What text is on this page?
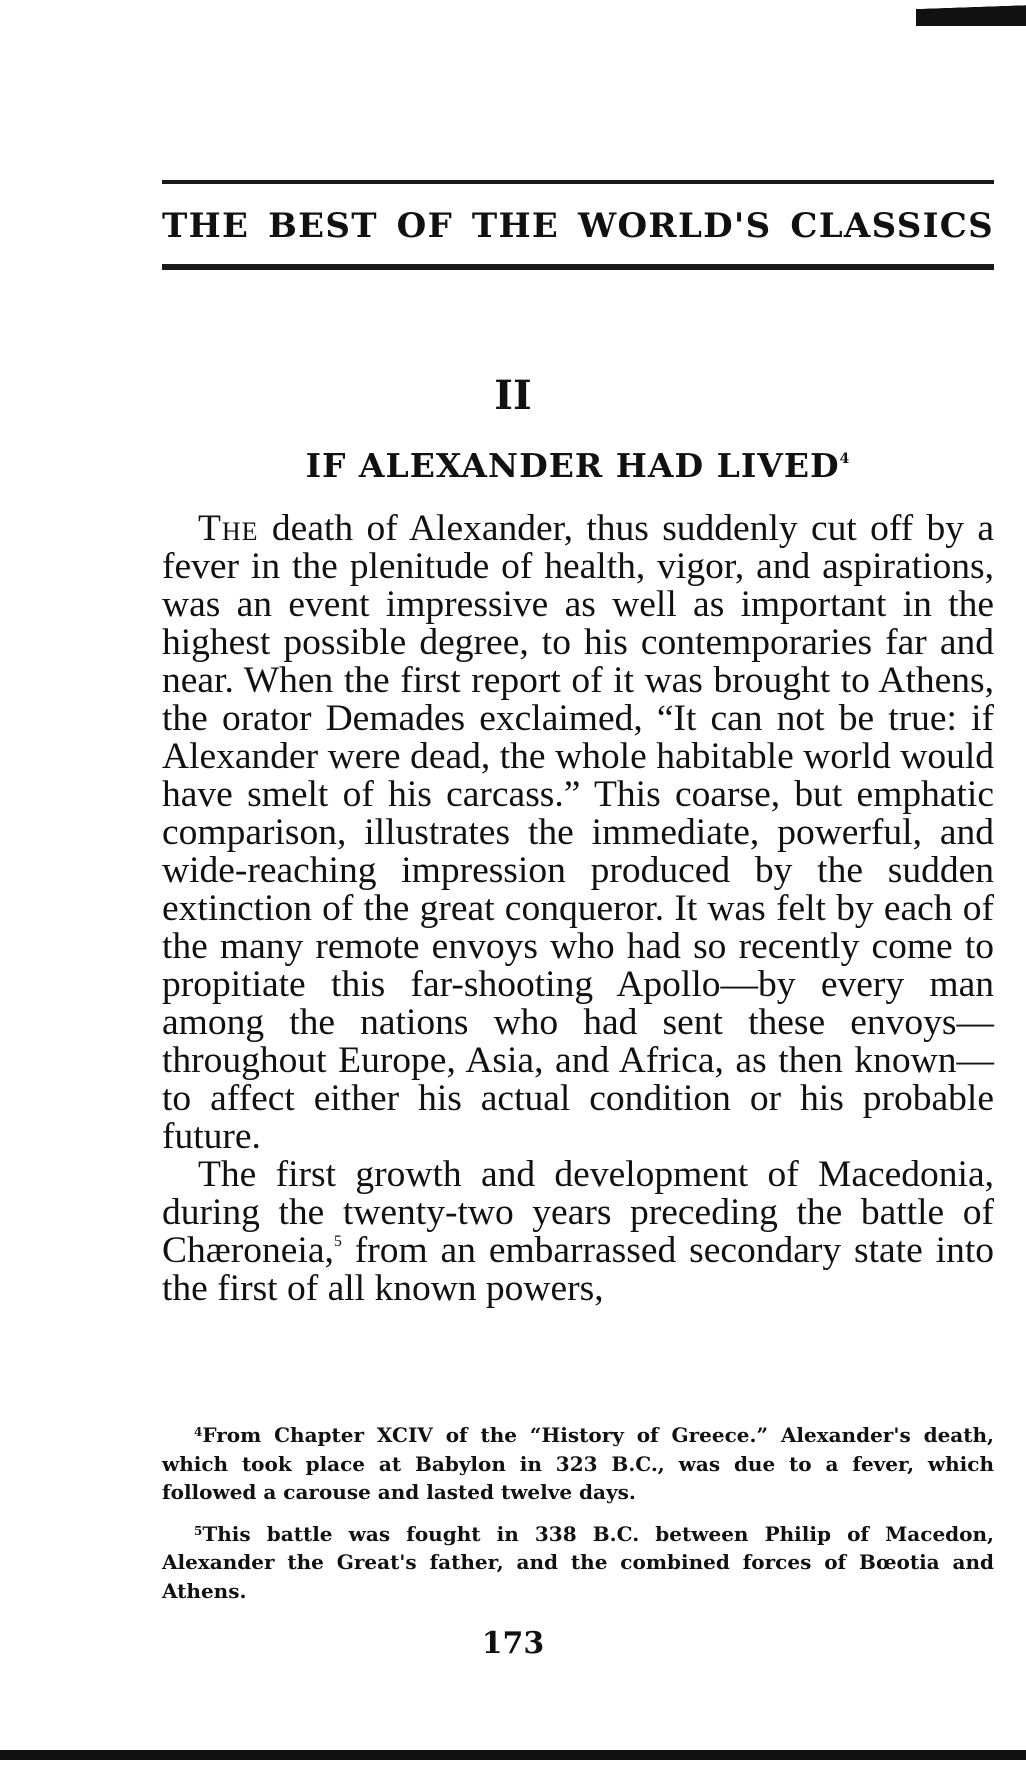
THE BEST OF THE WORLD'S CLASSICS
II
IF ALEXANDER HAD LIVED$^4$

The death of Alexander, thus suddenly cut off by a fever in the plenitude of health, vigor, and aspirations, was an event impressive as well as important in the highest possible degree, to his contemporaries far and near. When the first report of it was brought to Athens, the orator Demades exclaimed, “It can not be true: if Alexander were dead, the whole habitable world would have smelt of his carcass.” This coarse, but emphatic comparison, illustrates the immediate, powerful, and wide-reaching impression produced by the sudden extinction of the great conqueror. It was felt by each of the many remote envoys who had so recently come to propitiate this far-shooting Apollo—by every man among the nations who had sent these envoys—throughout Europe, Asia, and Africa, as then known—to affect either his actual condition or his probable future.

The first growth and development of Macedonia, during the twenty-two years preceding the battle of Chæroneia,$^5$ from an embarrassed secondary state into the first of all known powers,

$^4$From Chapter XCIV of the “History of Greece.” Alexander's death, which took place at Babylon in 323 B.C., was due to a fever, which followed a carouse and lasted twelve days.

$^5$This battle was fought in 338 B.C. between Philip of Macedon, Alexander the Great's father, and the combined forces of Bœotia and Athens.

173
